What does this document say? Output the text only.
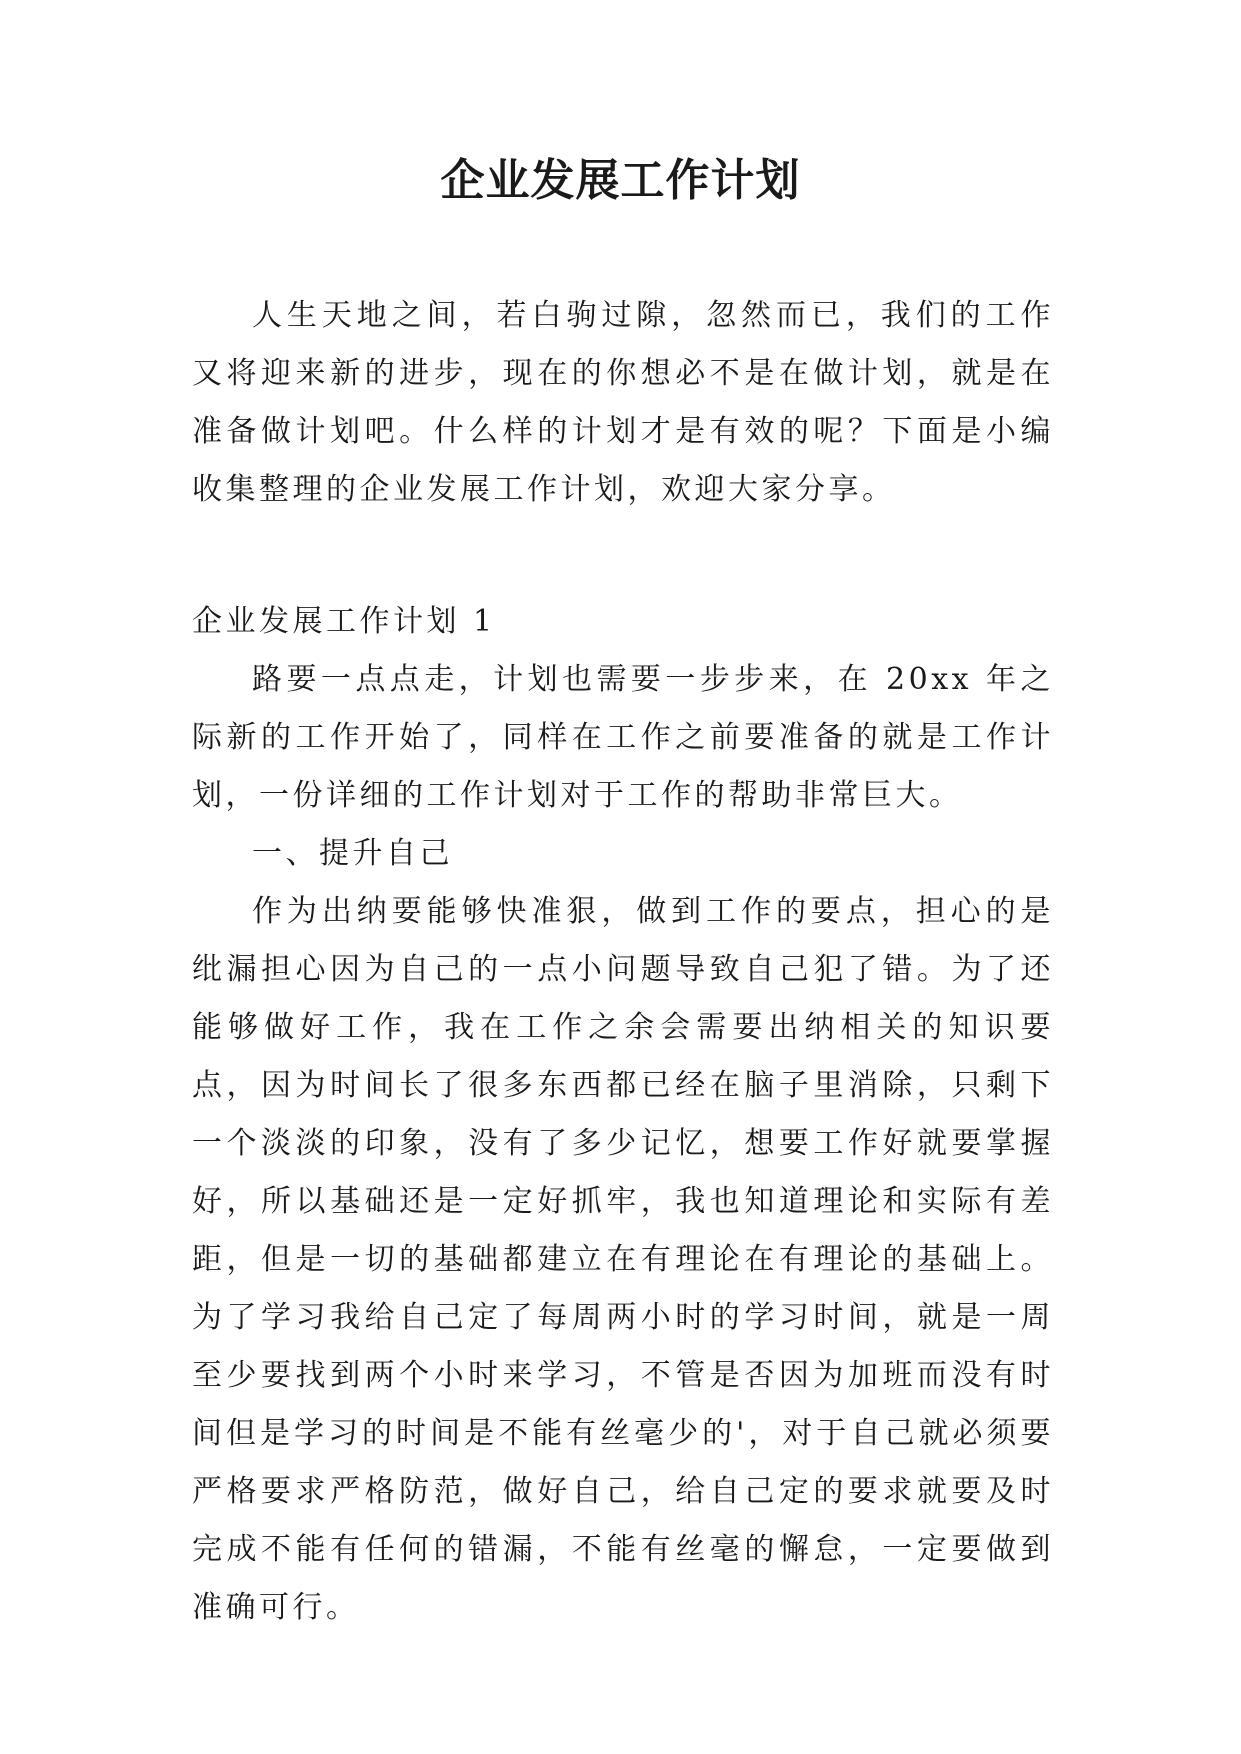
企业发展工作计划

人生天地之间，若白驹过隙，忽然而已，我们的工作又将迎来新的进步，现在的你想必不是在做计划，就是在准备做计划吧。什么样的计划才是有效的呢？下面是小编收集整理的企业发展工作计划，欢迎大家分享。

企业发展工作计划 1

路要一点点走，计划也需要一步步来，在 20xx 年之际新的工作开始了，同样在工作之前要准备的就是工作计划，一份详细的工作计划对于工作的帮助非常巨大。

一、提升自己

作为出纳要能够快准狠，做到工作的要点，担心的是纰漏担心因为自己的一点小问题导致自己犯了错。为了还能够做好工作，我在工作之余会需要出纳相关的知识要点，因为时间长了很多东西都已经在脑子里消除，只剩下一个淡淡的印象，没有了多少记忆，想要工作好就要掌握好，所以基础还是一定好抓牢，我也知道理论和实际有差距，但是一切的基础都建立在有理论在有理论的基础上。为了学习我给自己定了每周两小时的学习时间，就是一周至少要找到两个小时来学习，不管是否因为加班而没有时间但是学习的时间是不能有丝毫少的'，对于自己就必须要严格要求严格防范，做好自己，给自己定的要求就要及时完成不能有任何的错漏，不能有丝毫的懈怠，一定要做到准确可行。
